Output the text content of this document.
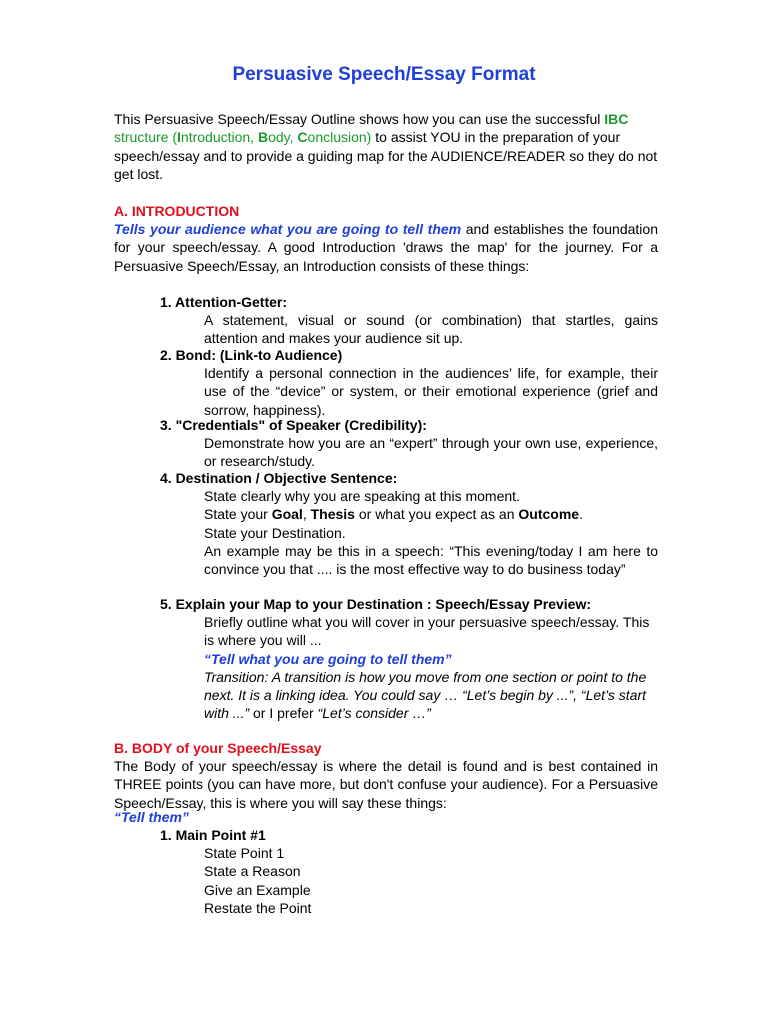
Persuasive Speech/Essay Format
This Persuasive Speech/Essay Outline shows how you can use the successful IBC structure (Introduction, Body, Conclusion) to assist YOU in the preparation of your speech/essay and to provide a guiding map for the AUDIENCE/READER so they do not get lost.
A. INTRODUCTION
Tells your audience what you are going to tell them and establishes the foundation for your speech/essay. A good Introduction 'draws the map' for the journey. For a Persuasive Speech/Essay, an Introduction consists of these things:
1. Attention-Getter:
A statement, visual or sound (or combination) that startles, gains attention and makes your audience sit up.
2. Bond: (Link-to Audience)
Identify a personal connection in the audiences’ life, for example, their use of the “device” or system, or their emotional experience (grief and sorrow, happiness).
3. "Credentials" of Speaker (Credibility):
Demonstrate how you are an “expert” through your own use, experience, or research/study.
4. Destination / Objective Sentence:
State clearly why you are speaking at this moment.
State your Goal, Thesis or what you expect as an Outcome.
State your Destination.
An example may be this in a speech: “This evening/today I am here to convince you that .... is the most effective way to do business today”
5. Explain your Map to your Destination : Speech/Essay Preview:
Briefly outline what you will cover in your persuasive speech/essay. This is where you will ...
“Tell what you are going to tell them”
Transition: A transition is how you move from one section or point to the next. It is a linking idea. You could say … “Let’s begin by ...”, “Let’s start with ...” or I prefer “Let’s consider …”
B. BODY of your Speech/Essay
The Body of your speech/essay is where the detail is found and is best contained in THREE points (you can have more, but don't confuse your audience). For a Persuasive Speech/Essay, this is where you will say these things:
“Tell them”
1. Main Point #1
State Point 1
State a Reason
Give an Example
Restate the Point
